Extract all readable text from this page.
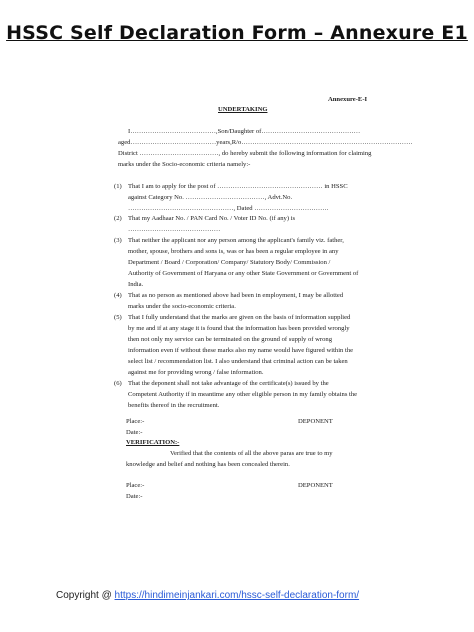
HSSC Self Declaration Form – Annexure E1
Annexure-E-I
UNDERTAKING
I…………………………………,Son/Daughter of………………………………………
aged…………………………………years,R/o……………………………………………………………………
District ………………………………, do hereby submit the following information for claiming
marks under the Socio-economic criteria namely:-
(1) That I am to apply for the post of ………………………………………… in HSSC
against Category No. ………………………………, Advt.No.
…………………………………………, Dated …………………………….
(2) That my Aadhaar No. / PAN Card No. / Voter ID No. (if any) is
……………………………………
(3) That neither the applicant nor any person among the applicant's family viz. father,
mother, spouse, brothers and sons is, was or has been a regular employee in any
Department / Board / Corporation/ Company/ Statutory Body/ Commission /
Authority of Government of Haryana or any other State Government or Government of
India.
(4) That as no person as mentioned above had been in employment, I may be allotted
marks under the socio-economic criteria.
(5) That I fully understand that the marks are given on the basis of information supplied
by me and if at any stage it is found that the information has been provided wrongly
then not only my service can be terminated on the ground of supply of wrong
information even if without these marks also my name would have figured within the
select list / recommendation list. I also understand that criminal action can be taken
against me for providing wrong / false information.
(6) That the deponent shall not take advantage of the certificate(s) issued by the
Competent Authority if in meantime any other eligible person in my family obtains the
benefits thereof in the recruitment.
Place:-	DEPONENT
Date:-
VERIFICATION:-
Verified that the contents of all the above paras are true to my
knowledge and belief and nothing has been concealed therein.
Place:-	DEPONENT
Date:-
Copyright @ https://hindimeinjankari.com/hssc-self-declaration-form/
